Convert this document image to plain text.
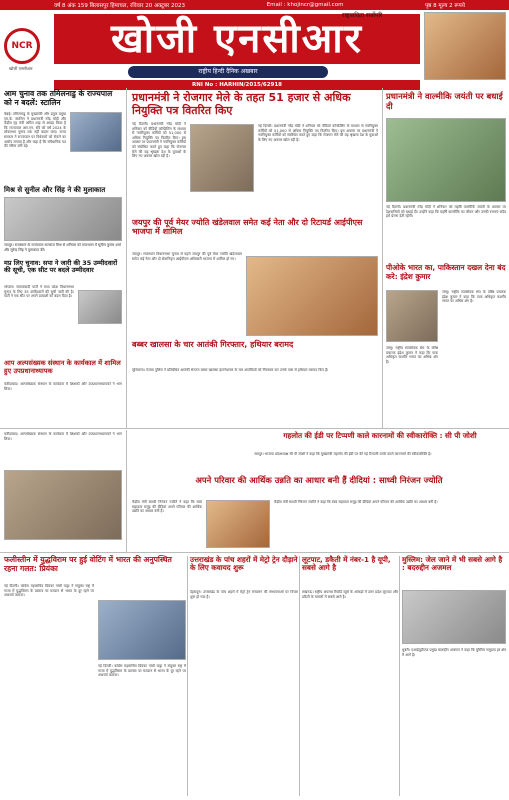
वर्ष 8 अंक 159 बिलासपुर हिमाचल, रविवार 20 अक्टूबर 2023	Email : khojincr@gmail.com	पृष्ठ 8 मूल्य 2 रूपये
NCR
खोजी एनसीआर
खोजी एनसीआर
राष्ट्रीय हिन्दी दैनिक अखबार
RNI No : HARHIN/2015/62918
राष्ट्रवादिता सर्वोपरि
आम चुनाव तक तमिलनाडु के राज्यपाल को न बदलें: स्टालिन
चेन्नई। तमिलनाडु के मुख्यमंत्री और द्रमुक प्रमुख एम.के. स्टालिन ने प्रधानमंत्री नरेंद्र मोदी और केंद्रीय गृह मंत्री अमित शाह से आग्रह किया है कि राज्यपाल आर.एन. रवि को वर्ष 2024 के लोकसभा चुनाव तक नहीं बदला जाए। राज्य सरकार ने राज्यपाल पर विधेयकों को रोकने का आरोप लगाया है और कहा है कि संवैधानिक पद की गरिमा बनी रहे।
मिश्र से सुनील और सिंह ने की मुलाकात
जयपुर। राजस्थान के राज्यपाल कलराज मिश्र से शनिवार को राजभवन में सुनील कुमार शर्मा और सुरेन्द्र सिंह ने मुलाकात की।
मप्र लिए चुनाव: सपा ने जारी की 35 उम्मीदवारों की सूची, एक सीट पर बदले उम्मीदवार
भोपाल। समाजवादी पार्टी ने मध्य प्रदेश विधानसभा चुनाव के लिए 35 उम्मीदवारों की सूची जारी की है। पार्टी ने एक सीट पर अपने प्रत्याशी को बदल दिया है।
आप अल्पसंख्यक संस्थान के कार्यकाल में शामिल हुए उपप्रधानाध्यापक
फरीदाबाद। अल्पसंख्यक संस्थान के कार्यक्रम में शिक्षकों और उपप्रधानाध्यापकों ने भाग लिया।
प्रधानमंत्री ने रोजगार मेले के तहत 51 हजार से अधिक नियुक्ति पत्र वितरित किए
नई दिल्ली। प्रधानमंत्री नरेंद्र मोदी ने शनिवार को वीडियो कॉन्फ्रेंसिंग के माध्यम से नवनियुक्त कर्मियों को 51,000 से अधिक नियुक्ति पत्र वितरित किए। इस अवसर पर प्रधानमंत्री ने नवनियुक्त कर्मियों को संबोधित करते हुए कहा कि रोजगार मेले की यह श्रृंखला देश के युवाओं के लिए नए अवसर खोल रही है।
नई दिल्ली। प्रधानमंत्री नरेंद्र मोदी ने शनिवार को वीडियो कॉन्फ्रेंसिंग के माध्यम से नवनियुक्त कर्मियों को 51,000 से अधिक नियुक्ति पत्र वितरित किए। इस अवसर पर प्रधानमंत्री ने नवनियुक्त कर्मियों को संबोधित करते हुए कहा कि रोजगार मेले की यह श्रृंखला देश के युवाओं के लिए नए अवसर खोल रही है।
जयपुर की पूर्व मेयर ज्योति खंडेलवाल समेत कई नेता और दो रिटायर्ड आईपीएस भाजपा में शामिल
जयपुर। राजस्थान विधानसभा चुनाव से पहले जयपुर की पूर्व मेयर ज्योति खंडेलवाल समेत कई नेता और दो सेवानिवृत्त आईपीएस अधिकारी भाजपा में शामिल हो गए।
बब्बर खालसा के चार आतंकी गिरफ्तार, हथियार बरामद
लुधियाना। पंजाब पुलिस ने प्रतिबंधित आतंकी संगठन बब्बर खालसा इंटरनेशनल के चार आतंकियों को गिरफ्तार कर उनके पास से हथियार बरामद किए हैं।
प्रधानमंत्री ने वाल्मीकि जयंती पर बधाई दी
नई दिल्ली। प्रधानमंत्री नरेंद्र मोदी ने शनिवार को महर्षि वाल्मीकि जयंती के अवसर पर देशवासियों को बधाई दी। उन्होंने कहा कि महर्षि वाल्मीकि का जीवन और उनकी रचनाएं सदैव हमें प्रेरणा देती रहेंगी।
पीओके भारत का, पाकिस्तान दखल देना बंद करे: इंद्रेश कुमार
जम्मू। राष्ट्रीय स्वयंसेवक संघ के वरिष्ठ प्रचारक इंद्रेश कुमार ने कहा कि पाक अधिकृत कश्मीर भारत का अभिन्न अंग है।
जम्मू। राष्ट्रीय स्वयंसेवक संघ के वरिष्ठ प्रचारक इंद्रेश कुमार ने कहा कि पाक अधिकृत कश्मीर भारत का अभिन्न अंग है।
गहलोत की ईडी पर टिप्पणी काले कारनामों की स्वीकारोक्ति : सी पी जोशी
जयपुर। भाजपा प्रदेशाध्यक्ष सी पी जोशी ने कहा कि मुख्यमंत्री गहलोत की ईडी पर की गई टिप्पणी उनके काले कारनामों की स्वीकारोक्ति है।
अपने परिवार की आर्थिक उन्नति का आधार बनी हैं दीदियां : साध्वी निरंजन ज्योति
केंद्रीय मंत्री साध्वी निरंजन ज्योति ने कहा कि स्वयं सहायता समूह की दीदियां अपने परिवार की आर्थिक उन्नति का आधार बनी हैं।
केंद्रीय मंत्री साध्वी निरंजन ज्योति ने कहा कि स्वयं सहायता समूह की दीदियां अपने परिवार की आर्थिक उन्नति का आधार बनी हैं।
फरीदाबाद। अल्पसंख्यक संस्थान के कार्यक्रम में शिक्षकों और उपप्रधानाध्यापकों ने भाग लिया।
फलीस्तीन में युद्धविराम पर हुई वोटिंग में भारत की अनुपस्थित रहना गलत: प्रियंका
नई दिल्ली। कांग्रेस महासचिव प्रियंका गांधी वाड्रा ने संयुक्त राष्ट्र में गाजा में युद्धविराम के प्रस्ताव पर मतदान से भारत के दूर रहने पर आश्चर्य जताया।
नई दिल्ली। कांग्रेस महासचिव प्रियंका गांधी वाड्रा ने संयुक्त राष्ट्र में गाजा में युद्धविराम के प्रस्ताव पर मतदान से भारत के दूर रहने पर आश्चर्य जताया।
उत्तराखंड के पांच शहरों में मेट्रो ट्रेन दौड़ाने के लिए कवायद शुरू
देहरादून। उत्तराखंड के पांच शहरों में मेट्रो ट्रेन संचालन की संभावनाओं पर विचार शुरू हो गया है।
लूटपाट, डकैती में नंबर-1 है यूपी, सबसे आगे है
लखनऊ। राष्ट्रीय अपराध रिकॉर्ड ब्यूरो के आंकड़ों में उत्तर प्रदेश लूटपाट और डकैती के मामलों में सबसे आगे है।
मुस्लिम: जेल जाने में भी सबसे आगे है : बदरुद्दीन अजमल
धुबरी। एआईयूडीएफ प्रमुख बदरुद्दीन अजमल ने कहा कि मुस्लिम समुदाय हर क्षेत्र में आगे है।
